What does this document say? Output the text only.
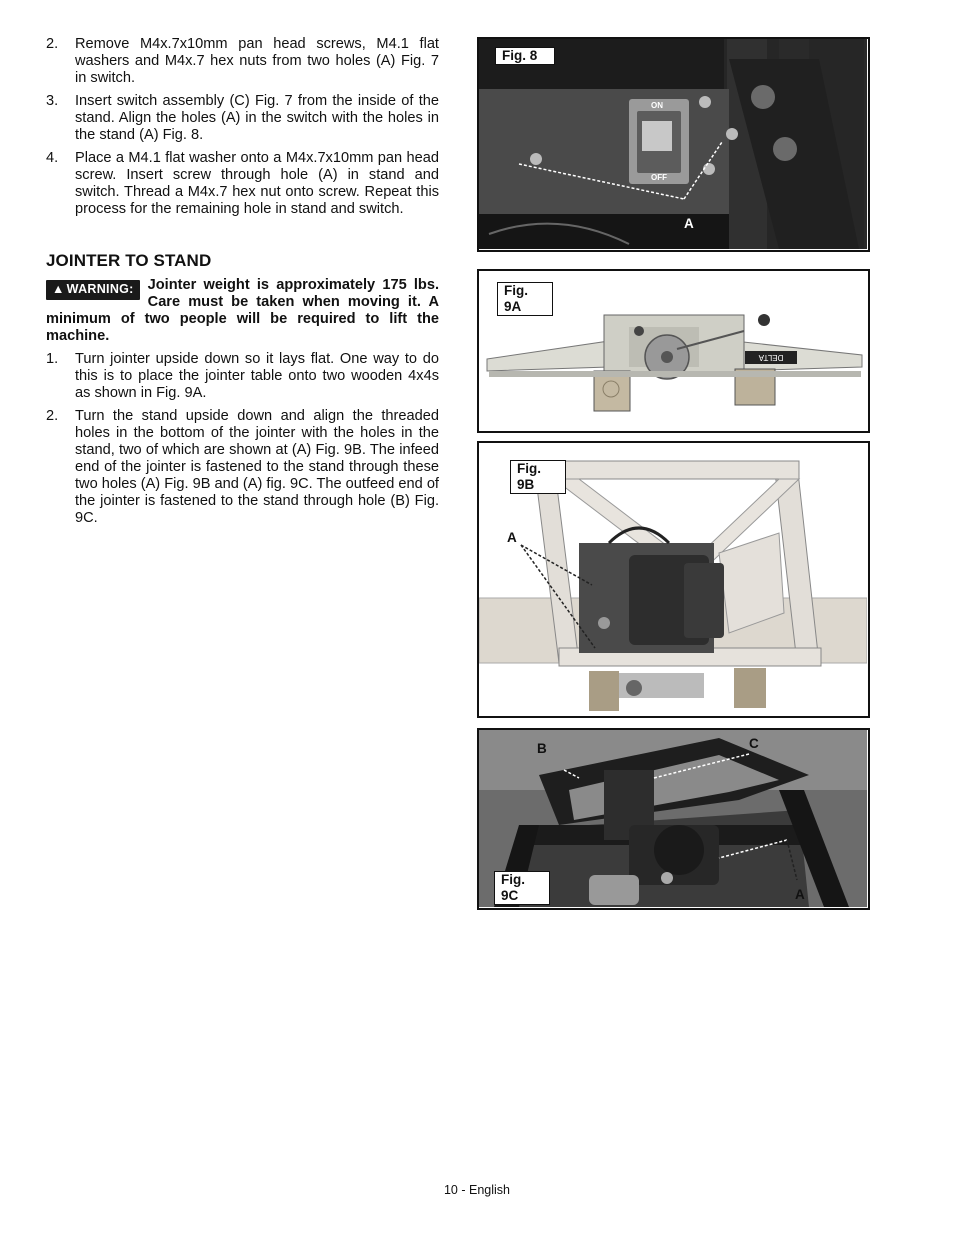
2. Remove M4x.7x10mm pan head screws, M4.1 flat washers and M4x.7 hex nuts from two holes (A) Fig. 7 in switch.
3. Insert switch assembly (C) Fig. 7 from the inside of the stand. Align the holes (A) in the switch with the holes in the stand (A) Fig. 8.
4. Place a M4.1 flat washer onto a M4x.7x10mm pan head screw. Insert screw through hole (A) in stand and switch. Thread a M4x.7 hex nut onto screw. Repeat this process for the remaining hole in stand and switch.
JOINTER TO STAND
▲ WARNING: Jointer weight is approximately 175 lbs. Care must be taken when moving it. A minimum of two people will be required to lift the machine.
1. Turn jointer upside down so it lays flat. One way to do this is to place the jointer table onto two wooden 4x4s as shown in Fig. 9A.
2. Turn the stand upside down and align the threaded holes in the bottom of the jointer with the holes in the stand, two of which are shown at (A) Fig. 9B. The infeed end of the jointer is fastened to the stand through these two holes (A) Fig. 9B and (A) fig. 9C. The outfeed end of the jointer is fastened to the stand through hole (B) Fig. 9C.
ON
OFF
Fig. 8
A
DELTA
Fig. 9A
Fig. 9B
A
Fig. 9C
B	C
A
10 - English
